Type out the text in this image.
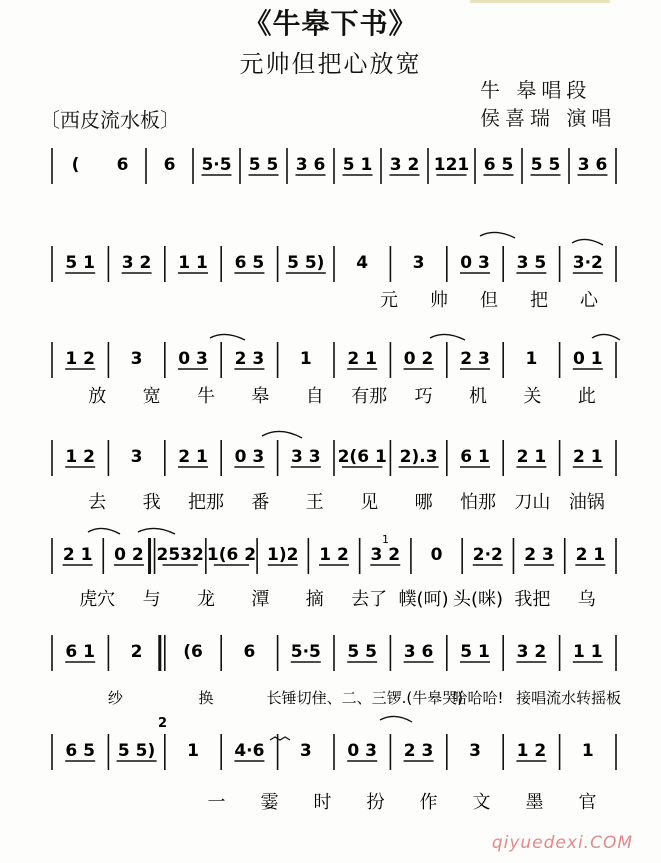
《牛皋下书》
元帅但把心放宽
牛 皋唱段
侯喜瑞 演唱
〔西皮流水板〕
1
2
( 6 6 5·5 5 5 3 6 5 1 3 2 121 6 5 5 5 3 6
5 1 3 2 1 1 6 5 5 5) 4	3 0 3 3 5 3·2
元 帅 但 把 心
1 2 3 0 3 2 3 1 2 1 0 2 2 3 1 0 1
放 宽 牛 皋 自 有那 巧 机 关 此
1 2 3 2 1 0 3 3 3 2(6 1 2).3 6 1 2 1 2 1
去 我 把那 番 王 见 哪 怕那 刀山 油锅
2 1 0 2 2532 1(6 2 1)2 1 2 3 2 0 2·2 2 3 2 1
虎穴 与 龙 潭 摘 去了 幞(呵) 头(咪) 我把 乌
6 1 2 (6 6 5·5 5 5 3 6 5 1 3 2 1 1
纱	换	长锤切住
一、二、三锣.(牛皋哭)
哈哈哈! 接唱流水转摇板
6 5 5 5) 1 4·6 3 0 3 2 3 3 1 2 1
一 霎 时 扮 作 文 墨 官
qiyuedexi.COM
